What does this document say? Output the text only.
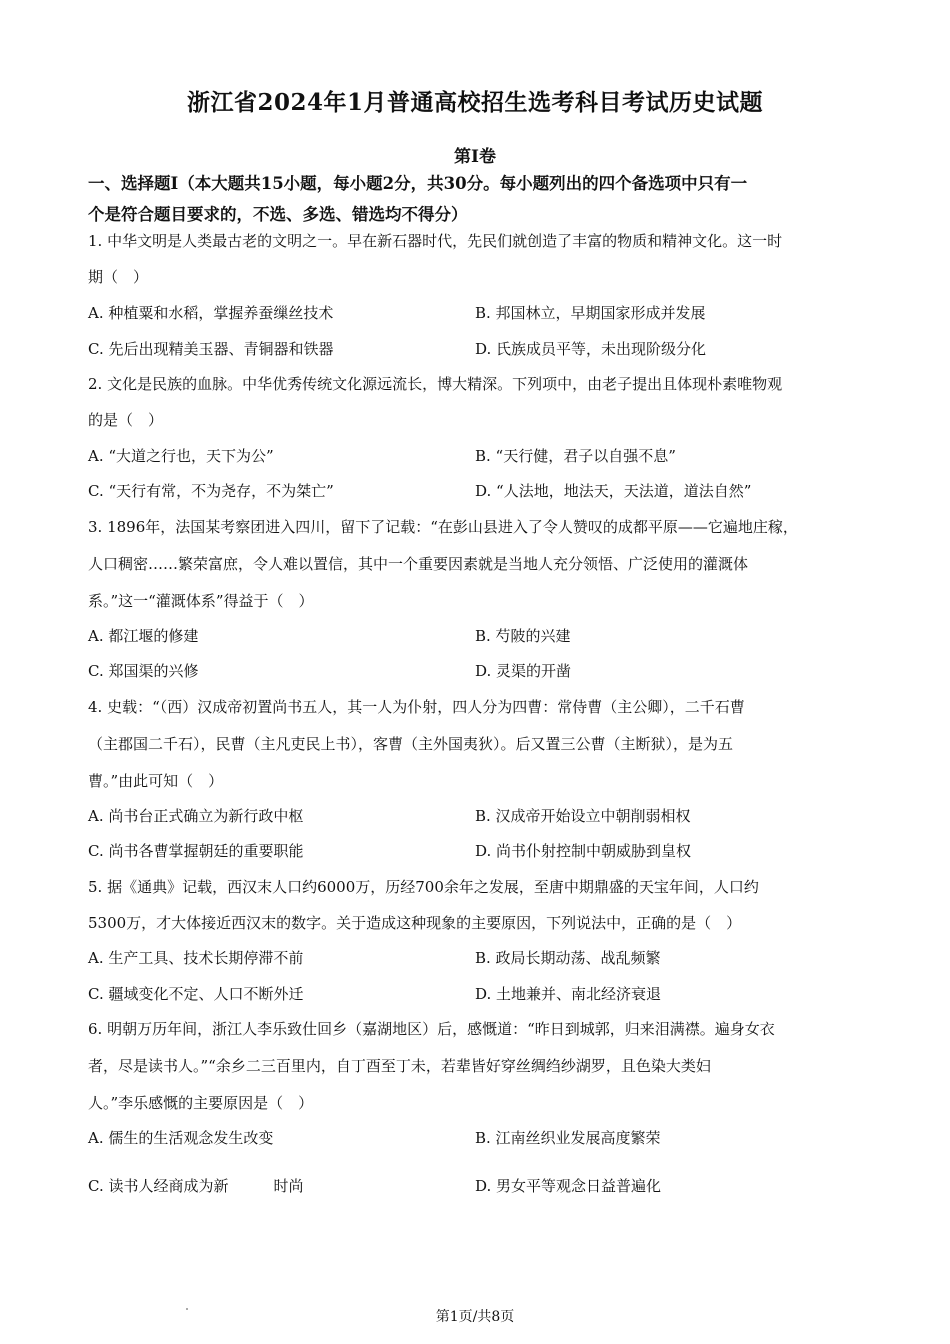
浙江省2024年1月普通高校招生选考科目考试历史试题
第Ⅰ卷
一、选择题Ⅰ（本大题共15小题，每小题2分，共30分。每小题列出的四个备选项中只有一
个是符合题目要求的，不选、多选、错选均不得分）
1. 中华文明是人类最古老的文明之一。早在新石器时代，先民们就创造了丰富的物质和精神文化。这一时
期（　）
A. 种植粟和水稻，掌握养蚕缫丝技术	B. 邦国林立，早期国家形成并发展
C. 先后出现精美玉器、青铜器和铁器	D. 氏族成员平等，未出现阶级分化
2. 文化是民族的血脉。中华优秀传统文化源远流长，博大精深。下列项中，由老子提出且体现朴素唯物观
的是（　）
A. “大道之行也，天下为公”	B. “天行健，君子以自强不息”
C. “天行有常，不为尧存，不为桀亡”	D. “人法地，地法天，天法道，道法自然”
3. 1896年，法国某考察团进入四川，留下了记载：“在彭山县进入了令人赞叹的成都平原——它遍地庄稼，
人口稠密……繁荣富庶，令人难以置信，其中一个重要因素就是当地人充分领悟、广泛使用的灌溉体
系。”这一“灌溉体系”得益于（　）
A. 都江堰的修建	B. 芍陂的兴建
C. 郑国渠的兴修	D. 灵渠的开凿
4. 史载：“（西）汉成帝初置尚书五人，其一人为仆射，四人分为四曹：常侍曹（主公卿），二千石曹
（主郡国二千石），民曹（主凡吏民上书），客曹（主外国夷狄）。后又置三公曹（主断狱），是为五
曹。”由此可知（　）
A. 尚书台正式确立为新行政中枢	B. 汉成帝开始设立中朝削弱相权
C. 尚书各曹掌握朝廷的重要职能	D. 尚书仆射控制中朝威胁到皇权
5. 据《通典》记载，西汉末人口约6000万，历经700余年之发展，至唐中期鼎盛的天宝年间，人口约
5300万，才大体接近西汉末的数字。关于造成这种现象的主要原因，下列说法中，正确的是（　）
A. 生产工具、技术长期停滞不前	B. 政局长期动荡、战乱频繁
C. 疆域变化不定、人口不断外迁	D. 土地兼并、南北经济衰退
6. 明朝万历年间，浙江人李乐致仕回乡（嘉湖地区）后，感慨道：“昨日到城郭，归来泪满襟。遍身女衣
者，尽是读书人。”“余乡二三百里内，自丁酉至丁未，若辈皆好穿丝绸绉纱湖罗，且色染大类妇
人。”李乐感慨的主要原因是（　）
A. 儒生的生活观念发生改变	B. 江南丝织业发展高度繁荣
C. 读书人经商成为新　　　时尚	D. 男女平等观念日益普遍化
第1页/共8页
